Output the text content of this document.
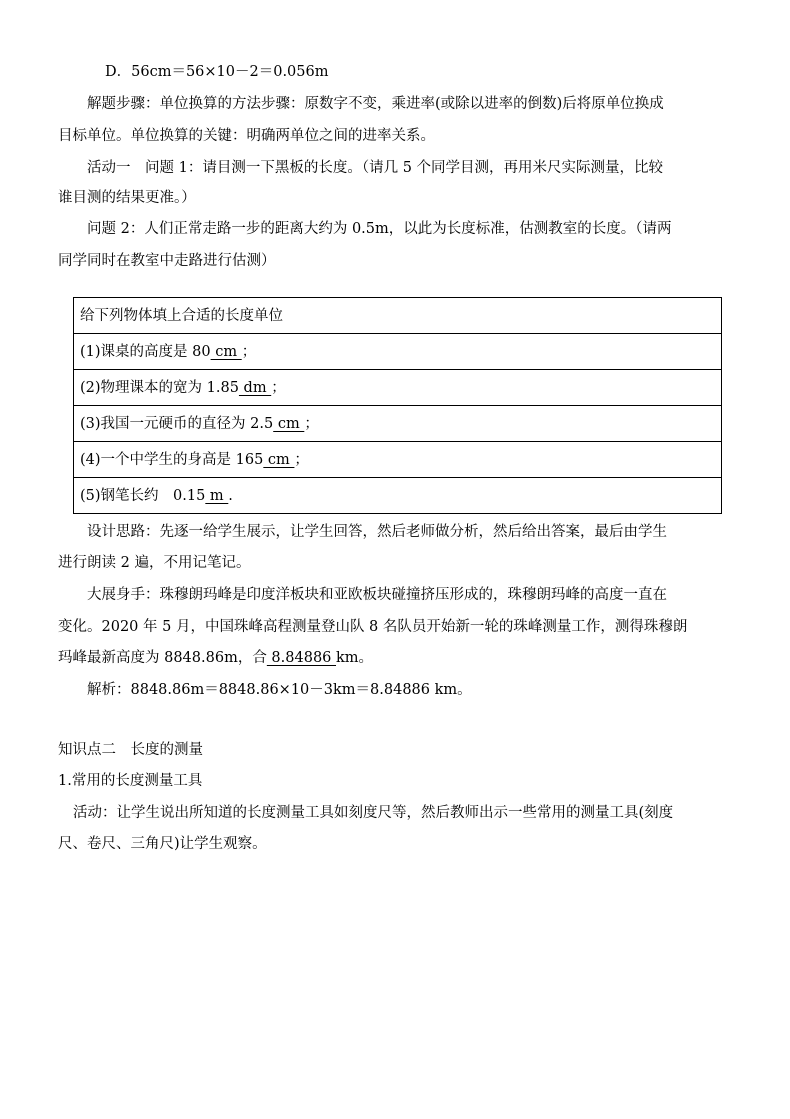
D．56cm＝56×10－2＝0.056m
解题步骤：单位换算的方法步骤：原数字不变，乘进率(或除以进率的倒数)后将原单位换成
目标单位。单位换算的关键：明确两单位之间的进率关系。
活动一　问题 1：请目测一下黑板的长度。（请几 5 个同学目测，再用米尺实际测量，比较
谁目测的结果更准。）
问题 2：人们正常走路一步的距离大约为 0.5m，以此为长度标准，估测教室的长度。（请两
同学同时在教室中走路进行估测）
给下列物体填上合适的长度单位
(1)课桌的高度是 80 cm ；
(2)物理课本的宽为 1.85 dm ；
(3)我国一元硬币的直径为 2.5 cm ；
(4)一个中学生的身高是 165 cm ；
(5)钢笔长约　0.15 m .
设计思路：先逐一给学生展示，让学生回答，然后老师做分析，然后给出答案，最后由学生
进行朗读 2 遍，不用记笔记。
大展身手：珠穆朗玛峰是印度洋板块和亚欧板块碰撞挤压形成的，珠穆朗玛峰的高度一直在
变化。2020 年 5 月，中国珠峰高程测量登山队 8 名队员开始新一轮的珠峰测量工作，测得珠穆朗
玛峰最新高度为 8848.86m，合 8.84886 km。
解析：8848.86m＝8848.86×10－3km＝8.84886 km。
知识点二　长度的测量
1.常用的长度测量工具
活动：让学生说出所知道的长度测量工具如刻度尺等，然后教师出示一些常用的测量工具(刻度
尺、卷尺、三角尺)让学生观察。
